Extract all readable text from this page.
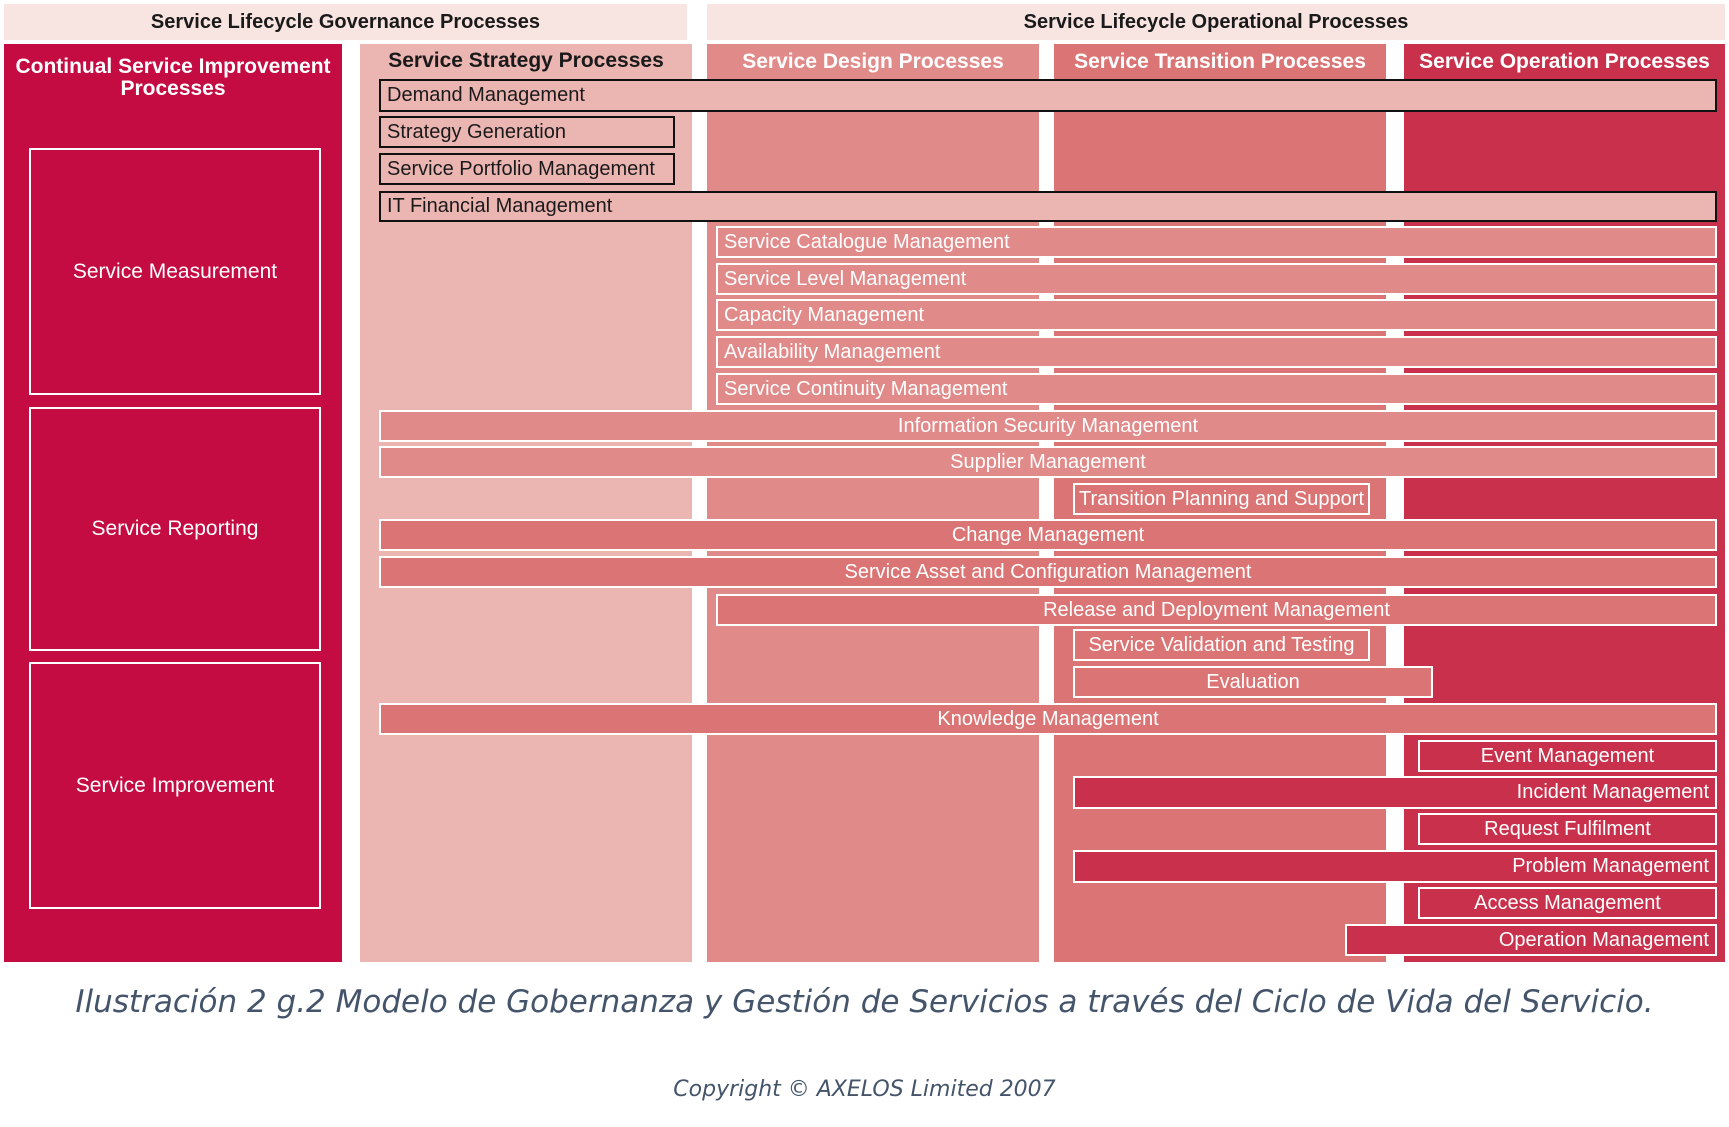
Service Lifecycle Governance Processes	Service Lifecycle Operational Processes
Continual Service Improvement Processes
Service Strategy Processes	Service Design Processes	Service Transition Processes	Service Operation Processes
Service Measurement
Service Reporting
Service Improvement
Demand Management
Strategy Generation
Service Portfolio Management
IT Financial Management
Service Catalogue Management
Service Level Management
Capacity Management
Availability Management
Service Continuity Management
Information Security Management
Supplier Management
Transition Planning and Support
Change Management
Service Asset and Configuration Management
Release and Deployment Management
Service Validation and Testing
Evaluation
Knowledge Management
Event Management
Incident Management
Request Fulfilment
Problem Management
Access Management
Operation Management
Ilustración 2 g.2 Modelo de Gobernanza y Gestión de Servicios a través del Ciclo de Vida del Servicio.
Copyright © AXELOS Limited 2007
